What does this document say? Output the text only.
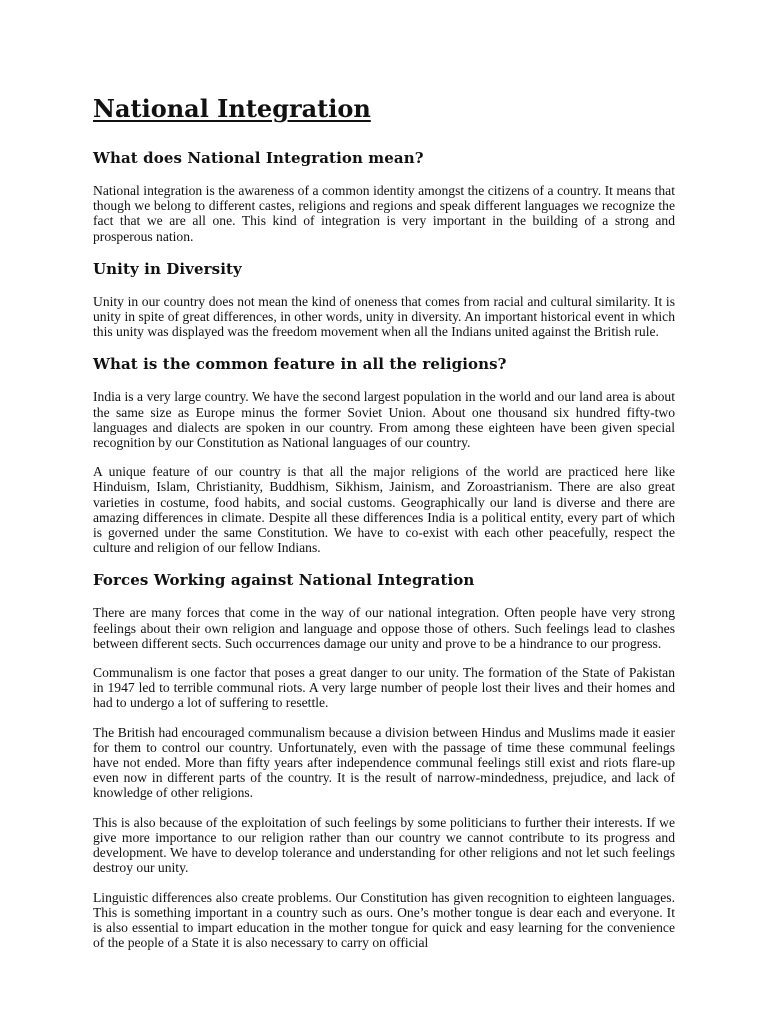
National Integration
What does National Integration mean?

National integration is the awareness of a common identity amongst the citizens of a country. It means that though we belong to different castes, religions and regions and speak different languages we recognize the fact that we are all one. This kind of integration is very important in the building of a strong and prosperous nation.

Unity in Diversity

Unity in our country does not mean the kind of oneness that comes from racial and cultural similarity. It is unity in spite of great differences, in other words, unity in diversity. An important historical event in which this unity was displayed was the freedom movement when all the Indians united against the British rule.

What is the common feature in all the religions?

India is a very large country. We have the second largest population in the world and our land area is about the same size as Europe minus the former Soviet Union. About one thousand six hundred fifty-two languages and dialects are spoken in our country. From among these eighteen have been given special recognition by our Constitution as National languages of our country.

A unique feature of our country is that all the major religions of the world are practiced here like Hinduism, Islam, Christianity, Buddhism, Sikhism, Jainism, and Zoroastrianism. There are also great varieties in costume, food habits, and social customs. Geographically our land is diverse and there are amazing differences in climate. Despite all these differences India is a political entity, every part of which is governed under the same Constitution. We have to co-exist with each other peacefully, respect the culture and religion of our fellow Indians.

Forces Working against National Integration

There are many forces that come in the way of our national integration. Often people have very strong feelings about their own religion and language and oppose those of others. Such feelings lead to clashes between different sects. Such occurrences damage our unity and prove to be a hindrance to our progress.

Communalism is one factor that poses a great danger to our unity. The formation of the State of Pakistan in 1947 led to terrible communal riots. A very large number of people lost their lives and their homes and had to undergo a lot of suffering to resettle.

The British had encouraged communalism because a division between Hindus and Muslims made it easier for them to control our country. Unfortunately, even with the passage of time these communal feelings have not ended. More than fifty years after independence communal feelings still exist and riots flare-up even now in different parts of the country. It is the result of narrow-mindedness, prejudice, and lack of knowledge of other religions.

This is also because of the exploitation of such feelings by some politicians to further their interests. If we give more importance to our religion rather than our country we cannot contribute to its progress and development. We have to develop tolerance and understanding for other religions and not let such feelings destroy our unity.

Linguistic differences also create problems. Our Constitution has given recognition to eighteen languages. This is something important in a country such as ours. One’s mother tongue is dear each and everyone. It is also essential to impart education in the mother tongue for quick and easy learning for the convenience of the people of a State it is also necessary to carry on official
